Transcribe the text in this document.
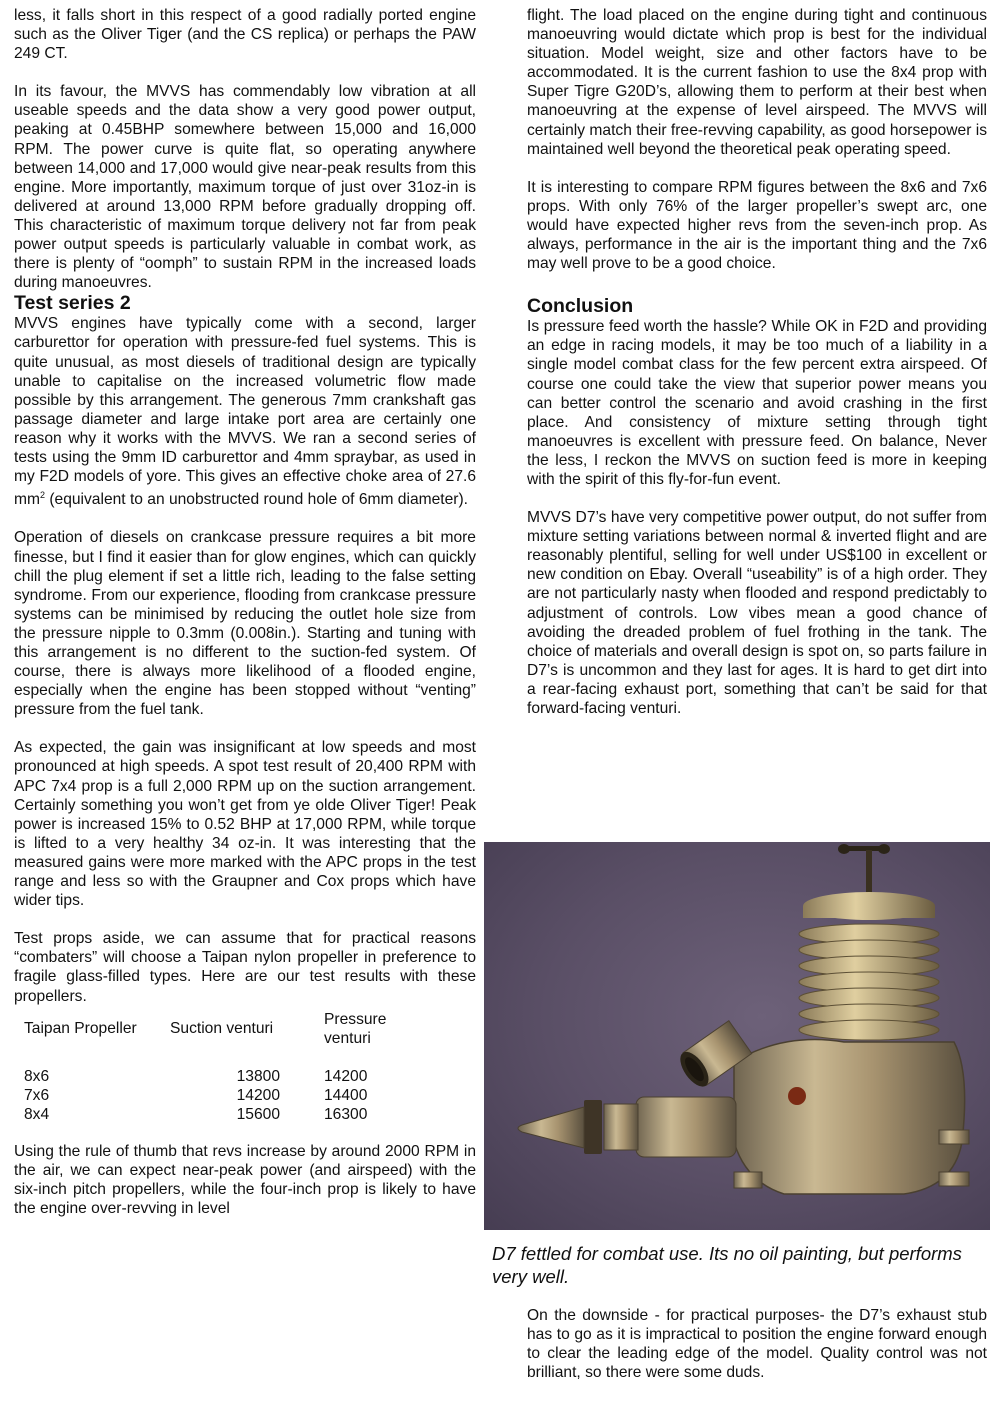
less, it falls short in this respect of a good radially ported engine such as the Oliver Tiger (and the CS replica) or perhaps the PAW 249 CT.

In its favour, the MVVS has commendably low vibration at all useable speeds and the data show a very good power output, peaking at 0.45BHP somewhere between 15,000 and 16,000 RPM. The power curve is quite flat, so operating anywhere between 14,000 and 17,000 would give near-peak results from this engine. More importantly, maximum torque of just over 31oz-in is delivered at around 13,000 RPM before gradually dropping off. This characteristic of maximum torque delivery not far from peak power output speeds is particularly valuable in combat work, as there is plenty of “oomph” to sustain RPM in the increased loads during manoeuvres.

Test series 2

MVVS engines have typically come with a second, larger carburettor for operation with pressure-fed fuel systems. This is quite unusual, as most diesels of traditional design are typically unable to capitalise on the increased volumetric flow made possible by this arrangement. The generous 7mm crankshaft gas passage diameter and large intake port area are certainly one reason why it works with the MVVS. We ran a second series of tests using the 9mm ID carburettor and 4mm spraybar, as used in my F2D models of yore. This gives an effective choke area of 27.6 $mm^2$ (equivalent to an unobstructed round hole of 6mm diameter).

Operation of diesels on crankcase pressure requires a bit more finesse, but I find it easier than for glow engines, which can quickly chill the plug element if set a little rich, leading to the false setting syndrome. From our experience, flooding from crankcase pressure systems can be minimised by reducing the outlet hole size from the pressure nipple to 0.3mm (0.008in.). Starting and tuning with this arrangement is no different to the suction-fed system. Of course, there is always more likelihood of a flooded engine, especially when the engine has been stopped without “venting” pressure from the fuel tank.

As expected, the gain was insignificant at low speeds and most pronounced at high speeds. A spot test result of 20,400 RPM with APC 7x4 prop is a full 2,000 RPM up on the suction arrangement. Certainly something you won’t get from ye olde Oliver Tiger! Peak power is increased 15% to 0.52 BHP at 17,000 RPM, while torque is lifted to a very healthy 34 oz-in. It was interesting that the measured gains were more marked with the APC props in the test range and less so with the Graupner and Cox props which have wider tips.

Test props aside, we can assume that for practical reasons “combaters” will choose a Taipan nylon propeller in preference to fragile glass-filled types. Here are our test results with these propellers.

Taipan Propeller	Suction venturi	Pressure venturi

8x6	13800	14200
7x6	14200	14400
8x4	15600	16300

Using the rule of thumb that revs increase by around 2000 RPM in the air, we can expect near-peak power (and airspeed) with the six-inch pitch propellers, while the four-inch prop is likely to have the engine over-revving in level

flight. The load placed on the engine during tight and continuous manoeuvring would dictate which prop is best for the individual situation. Model weight, size and other factors have to be accommodated. It is the current fashion to use the 8x4 prop with Super Tigre G20D’s, allowing them to perform at their best when manoeuvring at the expense of level airspeed. The MVVS will certainly match their free-revving capability, as good horsepower is maintained well beyond the theoretical peak operating speed.

It is interesting to compare RPM figures between the 8x6 and 7x6 props. With only 76% of the larger propeller’s swept arc, one would have expected higher revs from the seven-inch prop. As always, performance in the air is the important thing and the 7x6 may well prove to be a good choice.

Conclusion

Is pressure feed worth the hassle? While OK in F2D and providing an edge in racing models, it may be too much of a liability in a single model combat class for the few percent extra airspeed. Of course one could take the view that superior power means you can better control the scenario and avoid crashing in the first place. And consistency of mixture setting through tight manoeuvres is excellent with pressure feed. On balance, Never the less, I reckon the MVVS on suction feed is more in keeping with the spirit of this fly-for-fun event.

MVVS D7’s have very competitive power output, do not suffer from mixture setting variations between normal & inverted flight and are reasonably plentiful, selling for well under US$100 in excellent or new condition on Ebay. Overall “useability” is of a high order. They are not particularly nasty when flooded and respond predictably to adjustment of controls. Low vibes mean a good chance of avoiding the dreaded problem of fuel frothing in the tank. The choice of materials and overall design is spot on, so parts failure in D7’s is uncommon and they last for ages. It is hard to get dirt into a rear-facing exhaust port, something that can’t be said for that forward-facing venturi.

D7 fettled for combat use. Its no oil painting, but performs very well.

On the downside - for practical purposes- the D7’s exhaust stub has to go as it is impractical to position the engine forward enough to clear the leading edge of the model. Quality control was not brilliant, so there were some duds.
